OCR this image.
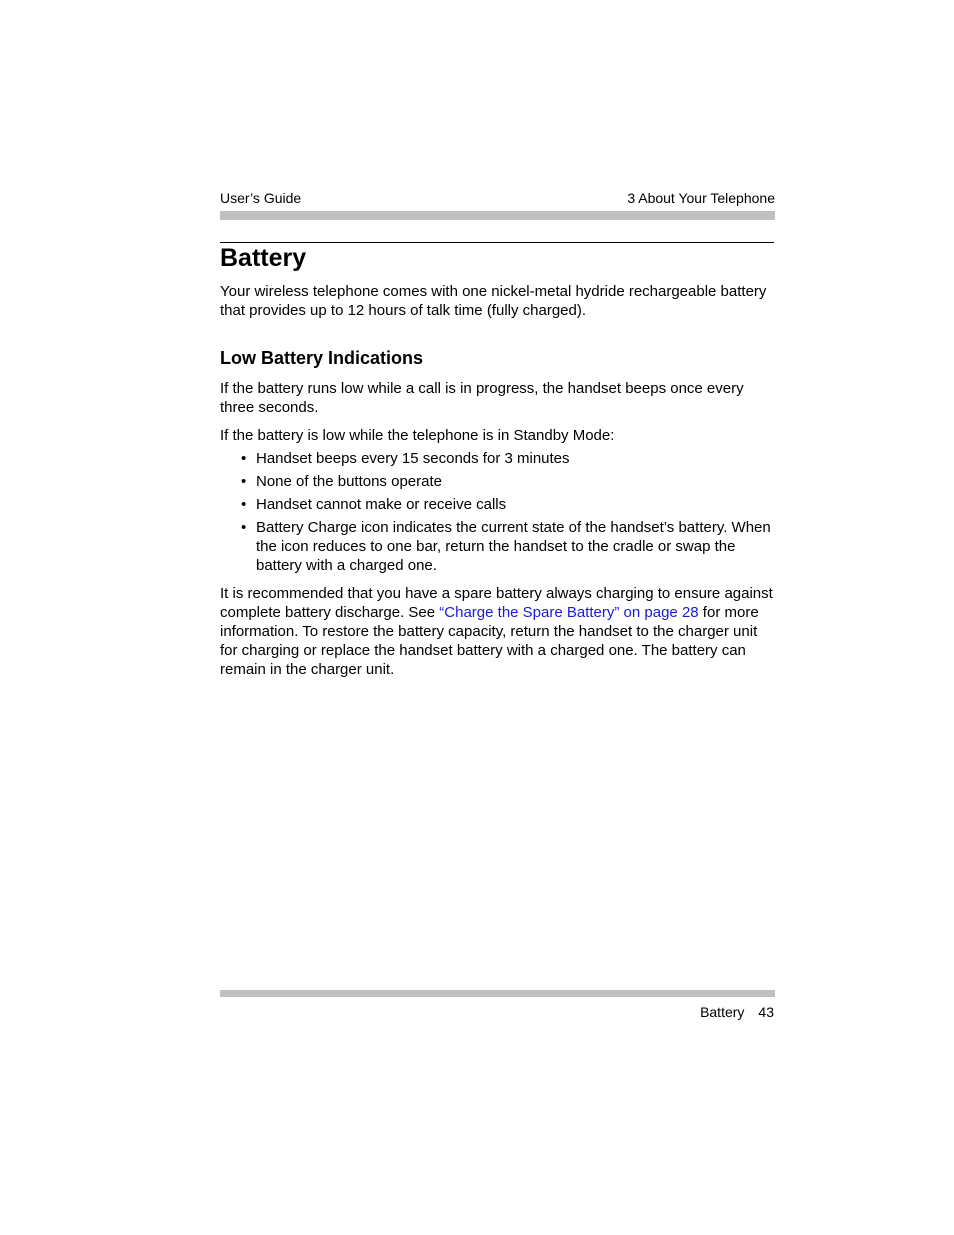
User’s Guide	3 About Your Telephone
Battery

Your wireless telephone comes with one nickel-metal hydride rechargeable battery that provides up to 12 hours of talk time (fully charged).

Low Battery Indications

If the battery runs low while a call is in progress, the handset beeps once every three seconds.

If the battery is low while the telephone is in Standby Mode:

• Handset beeps every 15 seconds for 3 minutes
• None of the buttons operate
• Handset cannot make or receive calls
• Battery Charge icon indicates the current state of the handset’s battery. When the icon reduces to one bar, return the handset to the cradle or swap the battery with a charged one.

It is recommended that you have a spare battery always charging to ensure against complete battery discharge. See “Charge the Spare Battery” on page 28 for more information. To restore the battery capacity, return the handset to the charger unit for charging or replace the handset battery with a charged one. The battery can remain in the charger unit.

Battery 43
